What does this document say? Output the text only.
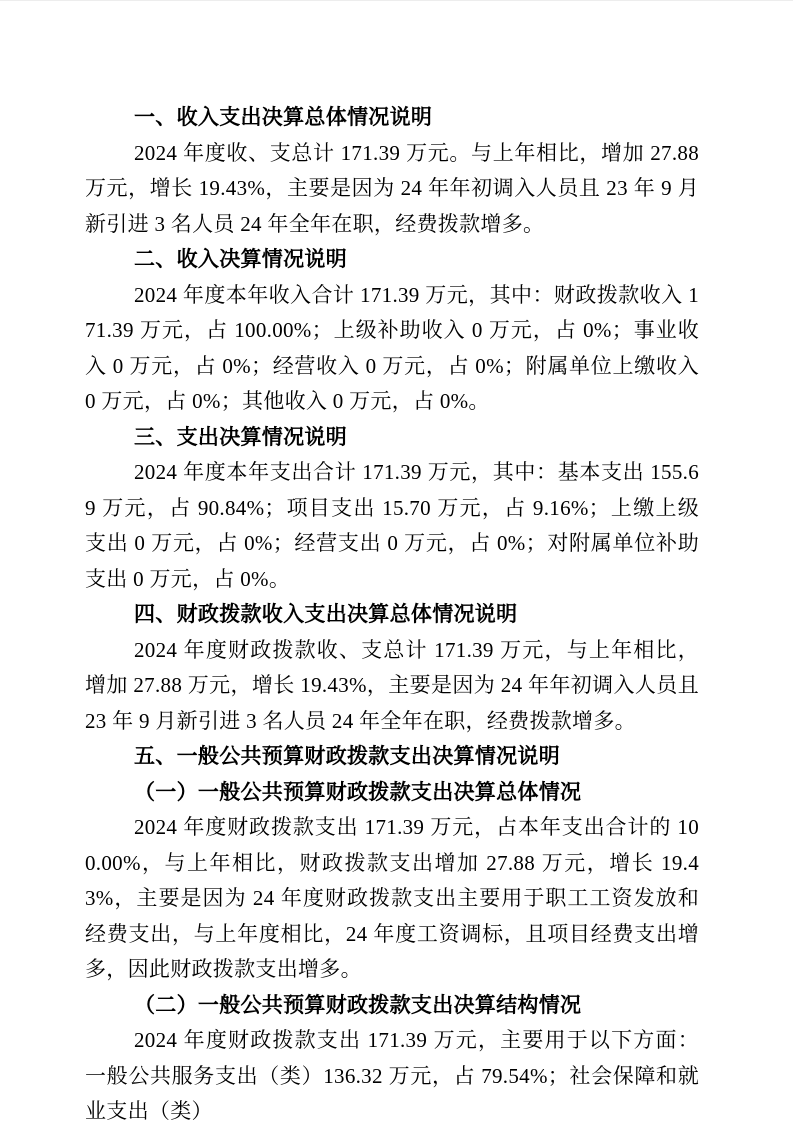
一、收入支出决算总体情况说明

2024 年度收、支总计 171.39 万元。与上年相比，增加 27.88 万元，增长 19.43%，主要是因为 24 年年初调入人员且 23 年 9 月新引进 3 名人员 24 年全年在职，经费拨款增多。

二、收入决算情况说明

2024 年度本年收入合计 171.39 万元，其中：财政拨款收入 171.39 万元，占 100.00%；上级补助收入 0 万元，占 0%；事业收入 0 万元，占 0%；经营收入 0 万元，占 0%；附属单位上缴收入 0 万元，占 0%；其他收入 0 万元，占 0%。

三、支出决算情况说明

2024 年度本年支出合计 171.39 万元，其中：基本支出 155.69 万元，占 90.84%；项目支出 15.70 万元，占 9.16%；上缴上级支出 0 万元，占 0%；经营支出 0 万元，占 0%；对附属单位补助支出 0 万元，占 0%。

四、财政拨款收入支出决算总体情况说明

2024 年度财政拨款收、支总计 171.39 万元，与上年相比，增加 27.88 万元，增长 19.43%，主要是因为 24 年年初调入人员且 23 年 9 月新引进 3 名人员 24 年全年在职，经费拨款增多。

五、一般公共预算财政拨款支出决算情况说明
（一）一般公共预算财政拨款支出决算总体情况

2024 年度财政拨款支出 171.39 万元，占本年支出合计的 100.00%，与上年相比，财政拨款支出增加 27.88 万元，增长 19.43%，主要是因为 24 年度财政拨款支出主要用于职工工资发放和经费支出，与上年度相比，24 年度工资调标，且项目经费支出增多，因此财政拨款支出增多。

（二）一般公共预算财政拨款支出决算结构情况

2024 年度财政拨款支出 171.39 万元，主要用于以下方面：一般公共服务支出（类）136.32 万元，占 79.54%；社会保障和就业支出（类）
